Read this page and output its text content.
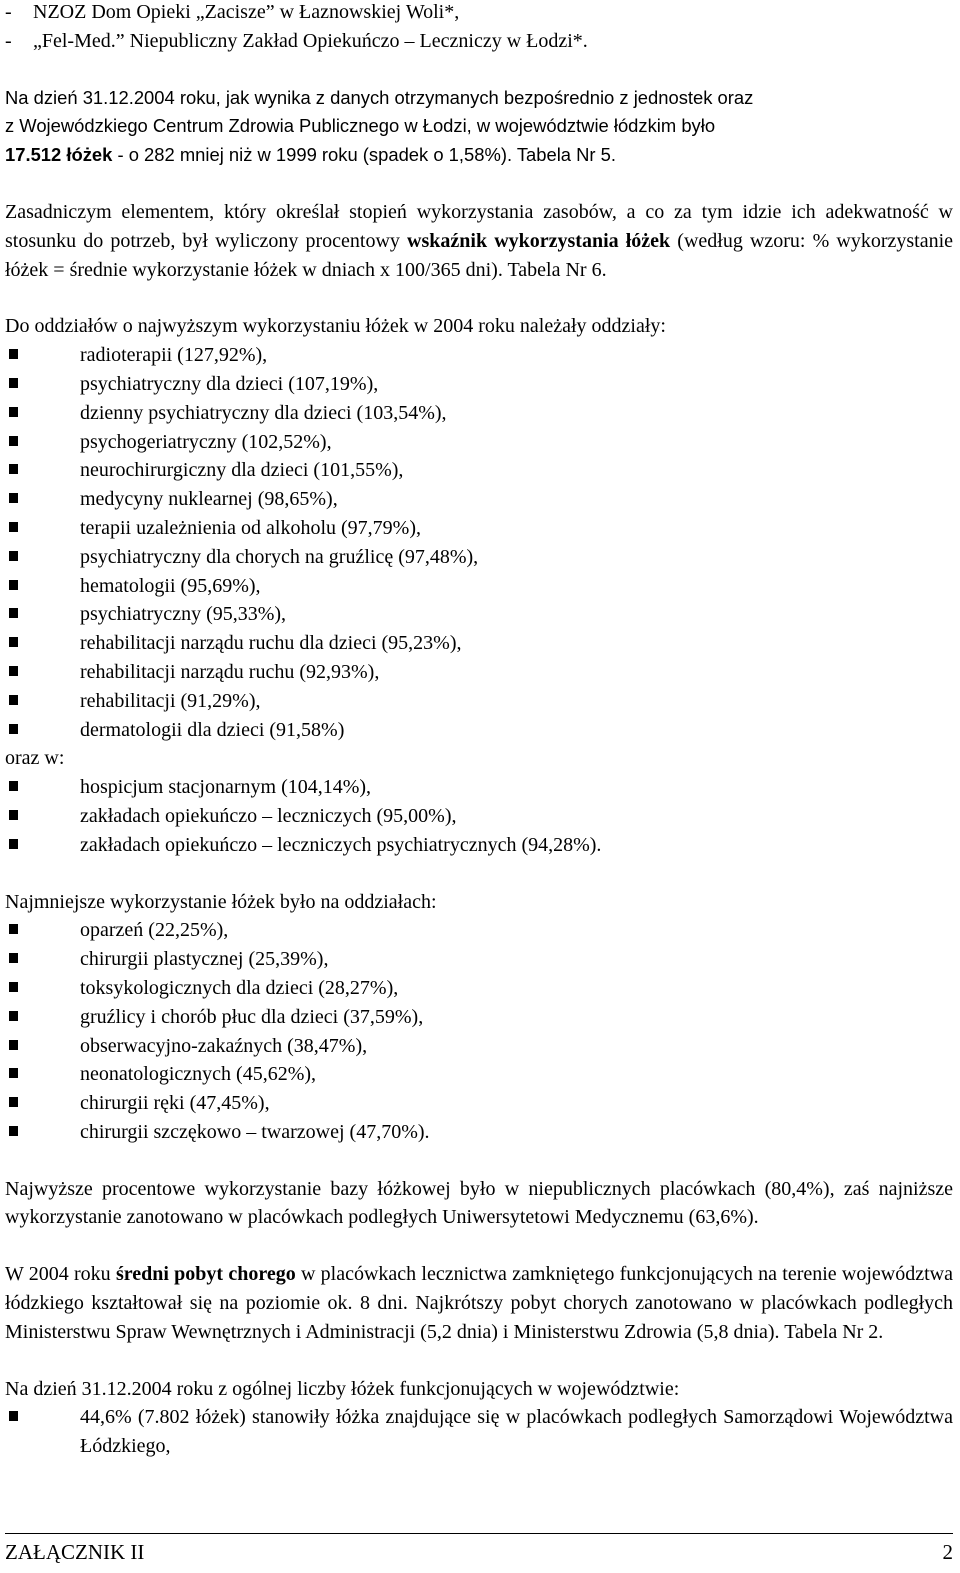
- NZOZ Dom Opieki „Zacisze” w Łaznowskiej Woli*,
- „Fel-Med.” Niepubliczny Zakład Opiekuńczo – Leczniczy w Łodzi*.
Na dzień 31.12.2004 roku, jak wynika z danych otrzymanych bezpośrednio z jednostek oraz
z Wojewódzkiego Centrum Zdrowia Publicznego w Łodzi, w województwie łódzkim było
17.512 łóżek - o 282 mniej niż w 1999 roku (spadek o 1,58%). Tabela Nr 5.
Zasadniczym elementem, który określał stopień wykorzystania zasobów, a co za tym idzie ich adekwatność w stosunku do potrzeb, był wyliczony procentowy wskaźnik wykorzystania łóżek (według wzoru: % wykorzystanie łóżek = średnie wykorzystanie łóżek w dniach x 100/365 dni). Tabela Nr 6.
Do oddziałów o najwyższym wykorzystaniu łóżek w 2004 roku należały oddziały:
radioterapii (127,92%),
psychiatryczny dla dzieci (107,19%),
dzienny psychiatryczny dla dzieci (103,54%),
psychogeriatryczny (102,52%),
neurochirurgiczny dla dzieci (101,55%),
medycyny nuklearnej (98,65%),
terapii uzależnienia od alkoholu (97,79%),
psychiatryczny dla chorych na gruźlicę (97,48%),
hematologii (95,69%),
psychiatryczny (95,33%),
rehabilitacji narządu ruchu dla dzieci (95,23%),
rehabilitacji narządu ruchu (92,93%),
rehabilitacji (91,29%),
dermatologii dla dzieci (91,58%)
oraz w:
hospicjum stacjonarnym (104,14%),
zakładach opiekuńczo – leczniczych (95,00%),
zakładach opiekuńczo – leczniczych psychiatrycznych (94,28%).
Najmniejsze wykorzystanie łóżek było na oddziałach:
oparzeń (22,25%),
chirurgii plastycznej (25,39%),
toksykologicznych dla dzieci (28,27%),
gruźlicy i chorób płuc dla dzieci (37,59%),
obserwacyjno-zakaźnych (38,47%),
neonatologicznych (45,62%),
chirurgii ręki (47,45%),
chirurgii szczękowo – twarzowej (47,70%).
Najwyższe procentowe wykorzystanie bazy łóżkowej było w niepublicznych placówkach (80,4%), zaś najniższe wykorzystanie zanotowano w placówkach podległych Uniwersytetowi Medycznemu (63,6%).
W 2004 roku średni pobyt chorego w placówkach lecznictwa zamkniętego funkcjonujących na terenie województwa łódzkiego kształtował się na poziomie ok. 8 dni. Najkrótszy pobyt chorych zanotowano w placówkach podległych Ministerstwu Spraw Wewnętrznych i Administracji (5,2 dnia) i Ministerstwu Zdrowia (5,8 dnia). Tabela Nr 2.
Na dzień 31.12.2004 roku z ogólnej liczby łóżek funkcjonujących w województwie:
44,6% (7.802 łóżek) stanowiły łóżka znajdujące się w placówkach podległych Samorządowi Województwa Łódzkiego,
ZAŁĄCZNIK II	2
